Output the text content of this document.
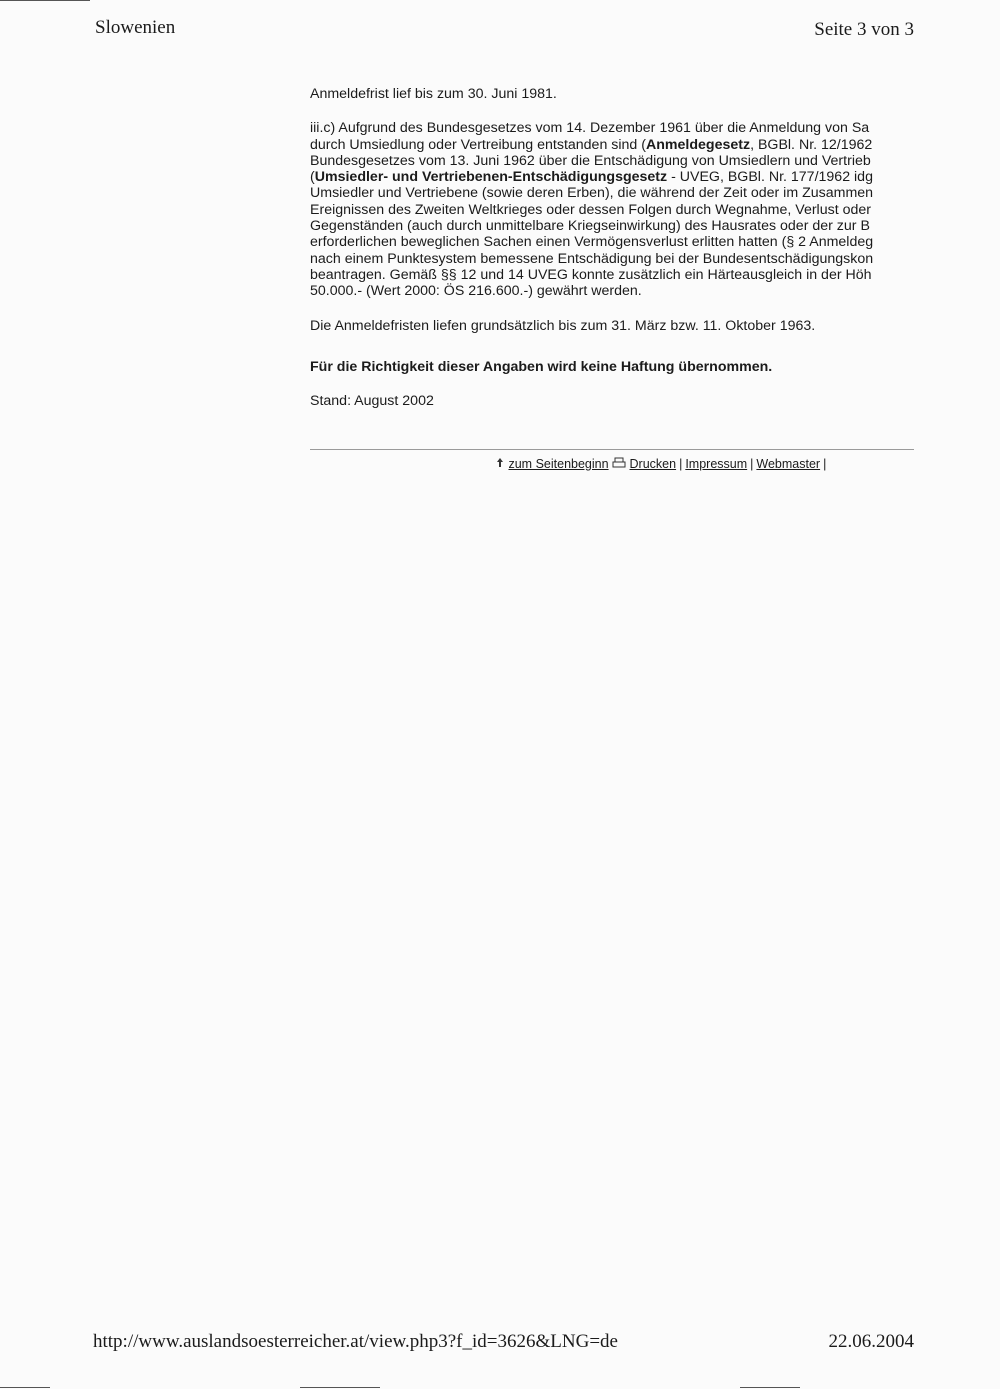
Slowenien	Seite 3 von 3

Anmeldefrist lief bis zum 30. Juni 1981.

iii.c) Aufgrund des Bundesgesetzes vom 14. Dezember 1961 über die Anmeldung von Sa

durch Umsiedlung oder Vertreibung entstanden sind (Anmeldegesetz, BGBl. Nr. 12/1962

Bundesgesetzes vom 13. Juni 1962 über die Entschädigung von Umsiedlern und Vertrieb

(Umsiedler- und Vertriebenen-Entschädigungsgesetz - UVEG, BGBl. Nr. 177/1962 idg

Umsiedler und Vertriebene (sowie deren Erben), die während der Zeit oder im Zusammen

Ereignissen des Zweiten Weltkrieges oder dessen Folgen durch Wegnahme, Verlust oder

Gegenständen (auch durch unmittelbare Kriegseinwirkung) des Hausrates oder der zur B

erforderlichen beweglichen Sachen einen Vermögensverlust erlitten hatten (§ 2 Anmeldeg

nach einem Punktesystem bemessene Entschädigung bei der Bundesentschädigungskon

beantragen. Gemäß §§ 12 und 14 UVEG konnte zusätzlich ein Härteausgleich in der Höh

50.000.- (Wert 2000: ÖS 216.600.-) gewährt werden.

Die Anmeldefristen liefen grundsätzlich bis zum 31. März bzw. 11. Oktober 1963.

Für die Richtigkeit dieser Angaben wird keine Haftung übernommen.

Stand: August 2002

zum Seitenbeginn Drucken | Impressum | Webmaster |
http://www.auslandsoesterreicher.at/view.php3?f_id=3626&LNG=de	22.06.2004
